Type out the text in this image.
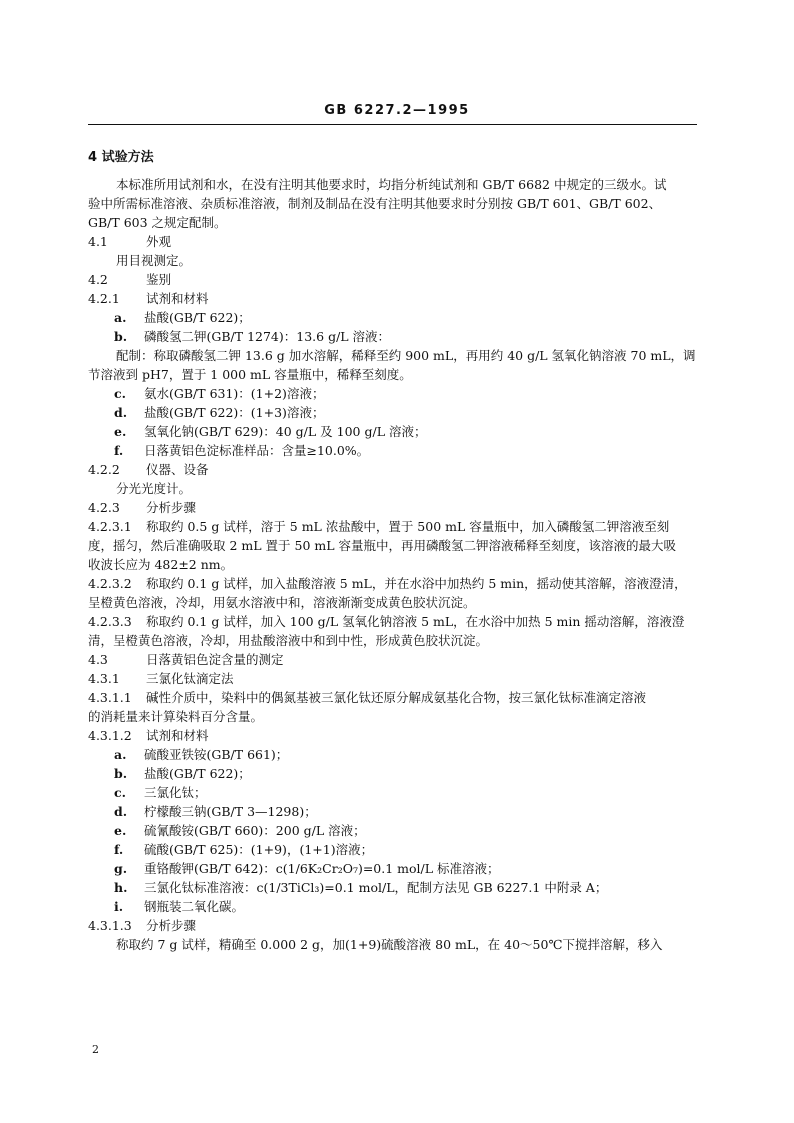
GB 6227.2—1995
4 试验方法
本标准所用试剂和水，在没有注明其他要求时，均指分析纯试剂和 GB/T 6682 中规定的三级水。试
验中所需标准溶液、杂质标准溶液，制剂及制品在没有注明其他要求时分别按 GB/T 601、GB/T 602、
GB/T 603 之规定配制。
4.1	外观
用目视测定。
4.2	鉴别
4.2.1 试剂和材料
a. 盐酸(GB/T 622)；
b. 磷酸氢二钾(GB/T 1274)：13.6 g/L 溶液：
配制：称取磷酸氢二钾 13.6 g 加水溶解，稀释至约 900 mL，再用约 40 g/L 氢氧化钠溶液 70 mL，调
节溶液到 pH7，置于 1 000 mL 容量瓶中，稀释至刻度。
c. 氨水(GB/T 631)：(1+2)溶液；
d. 盐酸(GB/T 622)：(1+3)溶液；
e. 氢氧化钠(GB/T 629)：40 g/L 及 100 g/L 溶液；
f. 日落黄铝色淀标准样品：含量≥10.0%。
4.2.2 仪器、设备
分光光度计。
4.2.3 分析步骤
4.2.3.1 称取约 0.5 g 试样，溶于 5 mL 浓盐酸中，置于 500 mL 容量瓶中，加入磷酸氢二钾溶液至刻
度，摇匀，然后准确吸取 2 mL 置于 50 mL 容量瓶中，再用磷酸氢二钾溶液稀释至刻度，该溶液的最大吸
收波长应为 482±2 nm。
4.2.3.2 称取约 0.1 g 试样，加入盐酸溶液 5 mL，并在水浴中加热约 5 min，摇动使其溶解，溶液澄清，
呈橙黄色溶液，冷却，用氨水溶液中和，溶液渐渐变成黄色胶状沉淀。
4.2.3.3 称取约 0.1 g 试样，加入 100 g/L 氢氧化钠溶液 5 mL，在水浴中加热 5 min 摇动溶解，溶液澄
清，呈橙黄色溶液，冷却，用盐酸溶液中和到中性，形成黄色胶状沉淀。
4.3	日落黄铝色淀含量的测定
4.3.1 三氯化钛滴定法
4.3.1.1 碱性介质中，染料中的偶氮基被三氯化钛还原分解成氨基化合物，按三氯化钛标准滴定溶液
的消耗量来计算染料百分含量。
4.3.1.2 试剂和材料
a. 硫酸亚铁铵(GB/T 661)；
b. 盐酸(GB/T 622)；
c. 三氯化钛；
d. 柠檬酸三钠(GB/T 3—1298)；
e. 硫氰酸铵(GB/T 660)：200 g/L 溶液；
f. 硫酸(GB/T 625)：(1+9)，(1+1)溶液；
g. 重铬酸钾(GB/T 642)：c(1/6K₂Cr₂O₇)=0.1 mol/L 标准溶液；
h. 三氯化钛标准溶液：c(1/3TiCl₃)=0.1 mol/L，配制方法见 GB 6227.1 中附录 A；
i. 钢瓶装二氧化碳。
4.3.1.3 分析步骤
称取约 7 g 试样，精确至 0.000 2 g，加(1+9)硫酸溶液 80 mL，在 40～50℃下搅拌溶解，移入
2
